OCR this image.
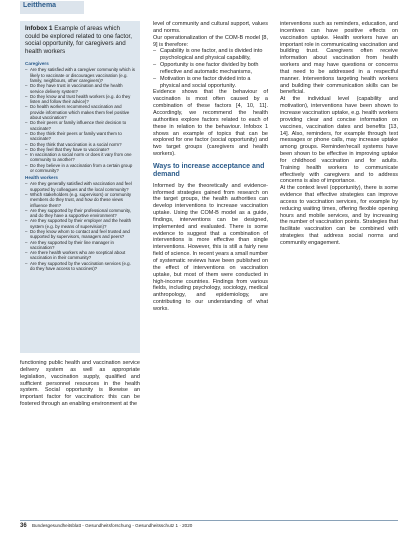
Leitthema
Infobox 1 Example of areas which could be explored related to one factor, social opportunity, for caregivers and health workers
Caregivers
– Are they satisfied with a caregiver community which is likely to vaccinate or discourages vaccination (e.g. family, neighbours, other caregivers)?
– Do they have trust in vaccination and the health service delivery system?
– Do they know and trust health workers (e.g. do they listen and follow their advice)?
– Do health workers recommend vaccination and provide information which makes them feel positive about vaccination?
– Do their peers or family influence their decision to vaccinate?
– Do they think their peers or family want them to vaccinate?
– Do they think that vaccination is a social norm?
– Do they feel that they have to vaccinate?
– In vaccination a social norm or does it vary from one community to another?
– Do they believe in a vaccination from a certain group or community?
Health workers
– Are they generally satisfied with vaccination and feel supported by colleagues and the local community?
– Which stakeholders (e.g. supervisors) or community members do they trust, and how do these views influence them?
– Are they supported by their professional community, and do they have a supportive environment?
– Are they supported by their employer and the health system (e.g. by means of supervision)?
– Do they know whom to contact and feel trusted and supported by supervisors, managers and peers?
– Are they supported by their line manager in vaccination?
– Are there health workers who are sceptical about vaccination in their community?
– Are they supported by the vaccination services (e.g. do they have access to vaccines)?

functioning public health and vaccination service delivery system as well as appropriate legislation, vaccination supply, qualified and sufficient personnel resources in the health system. Social opportunity is likewise an important factor for vaccination: this can be fostered through an enabling environment at the

level of community and cultural support, values and norms.

Our operationalization of the COM-B model [8, 9] is therefore:

– Capability is one factor, and is divided into psychological and physical capability,
– Opportunity is one factor divided by both reflective and automatic mechanisms,
– Motivation is one factor divided into a physical and social opportunity.

Evidence shows that the behaviour of vaccination is most often caused by a combination of these factors [4, 10, 11]. Accordingly, we recommend the health authorities explore factors related to each of these in relation to the behaviour. Infobox 1 shows an example of topics that can be explored for one factor (social opportunity) and two target groups (caregivers and health workers).

Ways to increase acceptance and demand

Informed by the theoretically and evidence-informed strategies gained from research on the target groups, the health authorities can develop interventions to increase vaccination uptake. Using the COM-B model as a guide, findings, interventions can be designed, implemented and evaluated. There is some evidence to suggest that a combination of interventions is more effective than single interventions. However, this is still a fairly new field of science. In recent years a small number of systematic reviews have been published on the effect of interventions on vaccination uptake, but most of them were conducted in high-income countries. Findings from various fields, including psychology, sociology, medical anthropology, and epidemiology, are contributing to our understanding of what works.

interventions such as reminders, education, and incentives can have positive effects on vaccination uptake. Health workers have an important role in communicating vaccination and building trust. Caregivers often receive information about vaccination from health workers and may have questions or concerns that need to be addressed in a respectful manner. Interventions targeting health workers and building their communication skills can be beneficial.

At the individual level (capability and motivation), interventions have been shown to increase vaccination uptake, e.g. health workers providing clear and concise information on vaccines, vaccination dates and benefits [13, 14]. Also, reminders, for example through text messages or phone calls, may increase uptake among groups. Reminder/recall systems have been shown to be effective in improving uptake for childhood vaccination and for adults. Training health workers to communicate effectively with caregivers and to address concerns is also of importance.

At the context level (opportunity), there is some evidence that effective strategies can improve access to vaccination services, for example by reducing waiting times, offering flexible opening hours and mobile services, and by increasing the number of vaccination points. Strategies that facilitate vaccination can be combined with strategies that address social norms and community engagement.

36 Bundesgesundheitsblatt - Gesundheitsforschung - Gesundheitsschutz 1 · 2020
